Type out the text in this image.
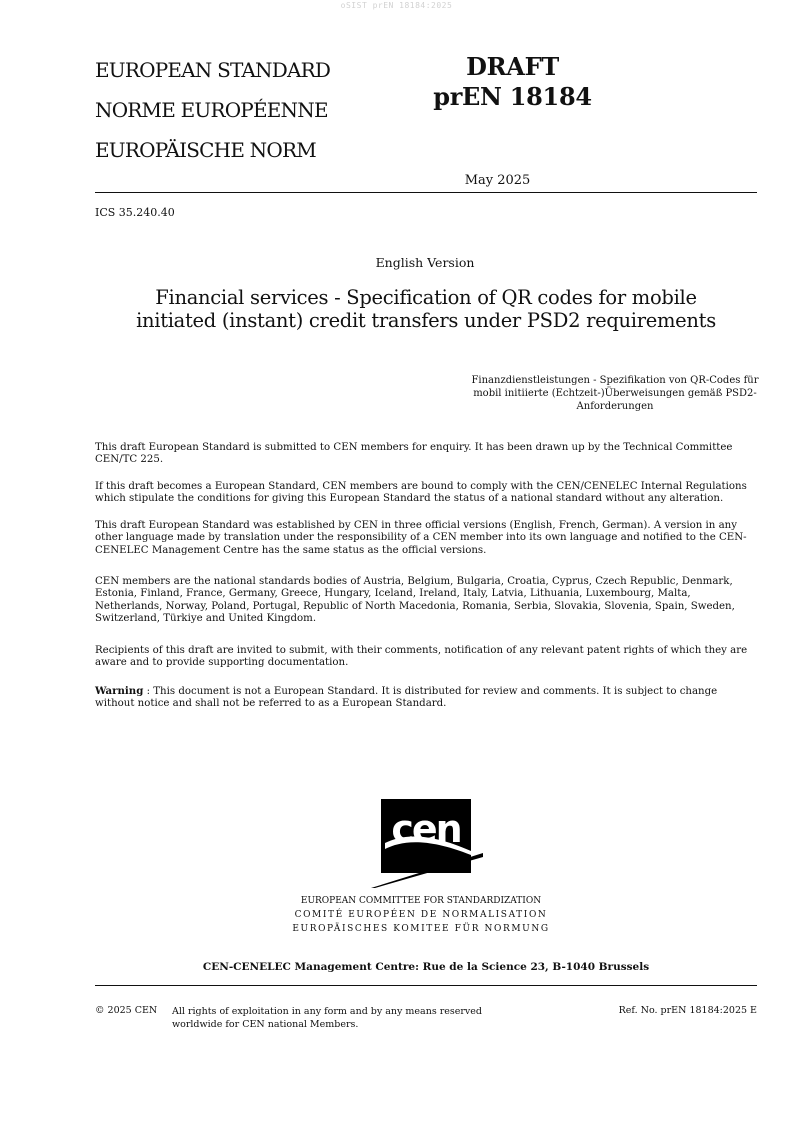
oSIST prEN 18184:2025
EUROPEAN STANDARD
NORME EUROPÉENNE
EUROPÄISCHE NORM
DRAFT
prEN 18184
May 2025
ICS 35.240.40
English Version
Financial services - Specification of QR codes for mobile initiated (instant) credit transfers under PSD2 requirements
Finanzdienstleistungen - Spezifikation von QR-Codes für mobil initiierte (Echtzeit-)Überweisungen gemäß PSD2-Anforderungen
This draft European Standard is submitted to CEN members for enquiry. It has been drawn up by the Technical Committee CEN/TC 225.
If this draft becomes a European Standard, CEN members are bound to comply with the CEN/CENELEC Internal Regulations which stipulate the conditions for giving this European Standard the status of a national standard without any alteration.
This draft European Standard was established by CEN in three official versions (English, French, German). A version in any other language made by translation under the responsibility of a CEN member into its own language and notified to the CEN-CENELEC Management Centre has the same status as the official versions.
CEN members are the national standards bodies of Austria, Belgium, Bulgaria, Croatia, Cyprus, Czech Republic, Denmark, Estonia, Finland, France, Germany, Greece, Hungary, Iceland, Ireland, Italy, Latvia, Lithuania, Luxembourg, Malta, Netherlands, Norway, Poland, Portugal, Republic of North Macedonia, Romania, Serbia, Slovakia, Slovenia, Spain, Sweden, Switzerland, Türkiye and United Kingdom.
Recipients of this draft are invited to submit, with their comments, notification of any relevant patent rights of which they are aware and to provide supporting documentation.
Warning : This document is not a European Standard. It is distributed for review and comments. It is subject to change without notice and shall not be referred to as a European Standard.
cen
EUROPEAN COMMITTEE FOR STANDARDIZATION
COMITÉ EUROPÉEN DE NORMALISATION
EUROPÄISCHES KOMITEE FÜR NORMUNG
CEN-CENELEC Management Centre: Rue de la Science 23, B-1040 Brussels
© 2025 CEN All rights of exploitation in any form and by any means reserved worldwide for CEN national Members.
Ref. No. prEN 18184:2025 E
